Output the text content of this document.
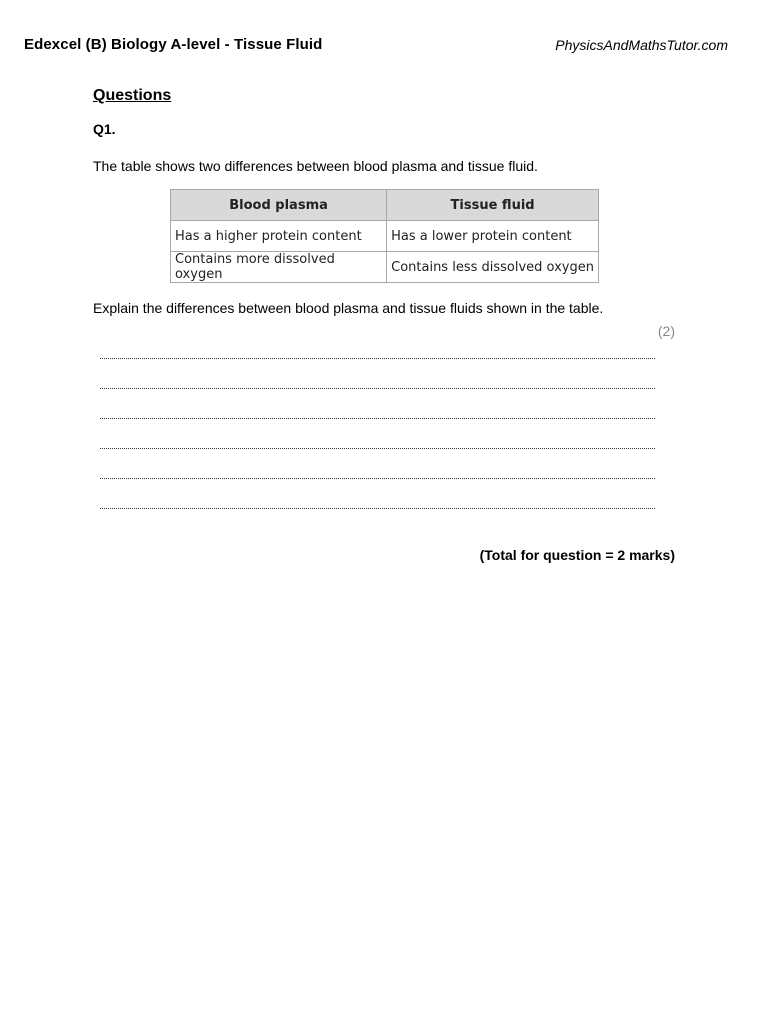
Edexcel (B) Biology A-level - Tissue Fluid	PhysicsAndMathsTutor.com
Questions
Q1.
The table shows two differences between blood plasma and tissue fluid.
Blood plasma	Tissue fluid
Has a higher protein content	Has a lower protein content
Contains more dissolved oxygen	Contains less dissolved oxygen
Explain the differences between blood plasma and tissue fluids shown in the table.
(2)
(Total for question = 2 marks)
